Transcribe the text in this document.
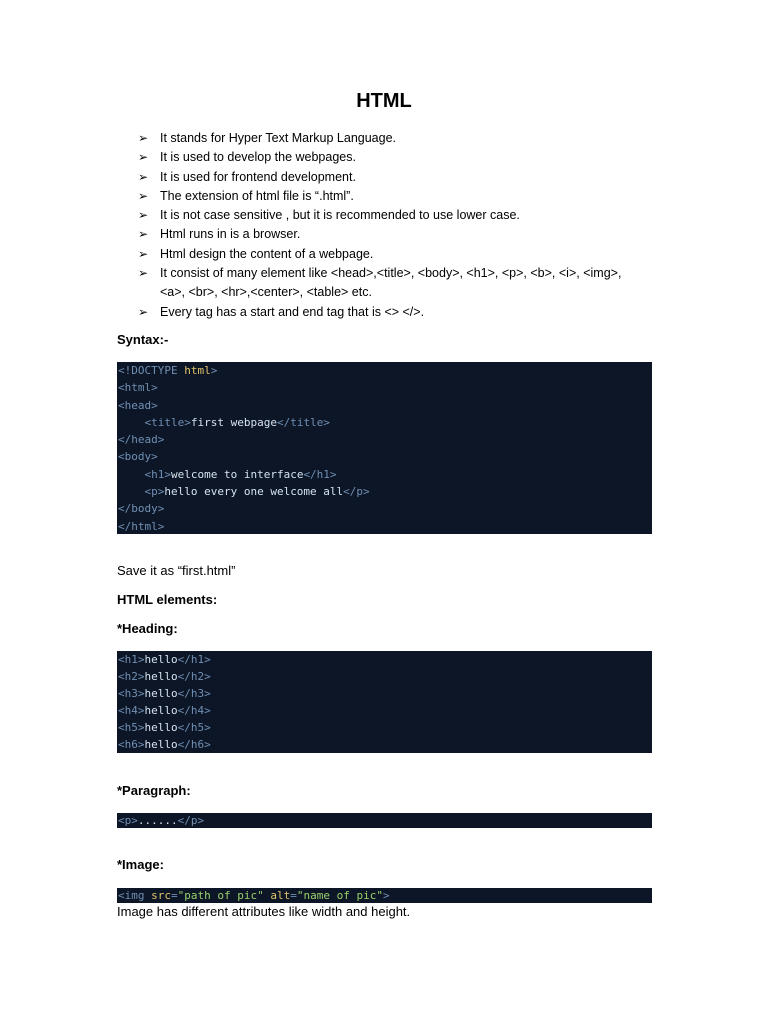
HTML
➢ It stands for Hyper Text Markup Language.
➢ It is used to develop the webpages.
➢ It is used for frontend development.
➢ The extension of html file is “.html”.
➢ It is not case sensitive , but it is recommended to use lower case.
➢ Html runs in is a browser.
➢ Html design the content of a webpage.
➢ It consist of many element like <head>,<title>, <body>, <h1>, <p>, <b>, <i>, <img>,
<a>, <br>, <hr>,<center>, <table> etc.
➢ Every tag has a start and end tag that is <> </>.
Syntax:-
<!DOCTYPE html>
<html>
<head>
<title>first webpage</title>
</head>
<body>
<h1>welcome to interface</h1>
<p>hello every one welcome all</p>
</body>
</html>
Save it as “first.html”
HTML elements:
*Heading:
<h1>hello</h1>
<h2>hello</h2>
<h3>hello</h3>
<h4>hello</h4>
<h5>hello</h5>
<h6>hello</h6>
*Paragraph:
<p>......</p>
*Image:
<img src="path of pic" alt="name of pic">
Image has different attributes like width and height.
